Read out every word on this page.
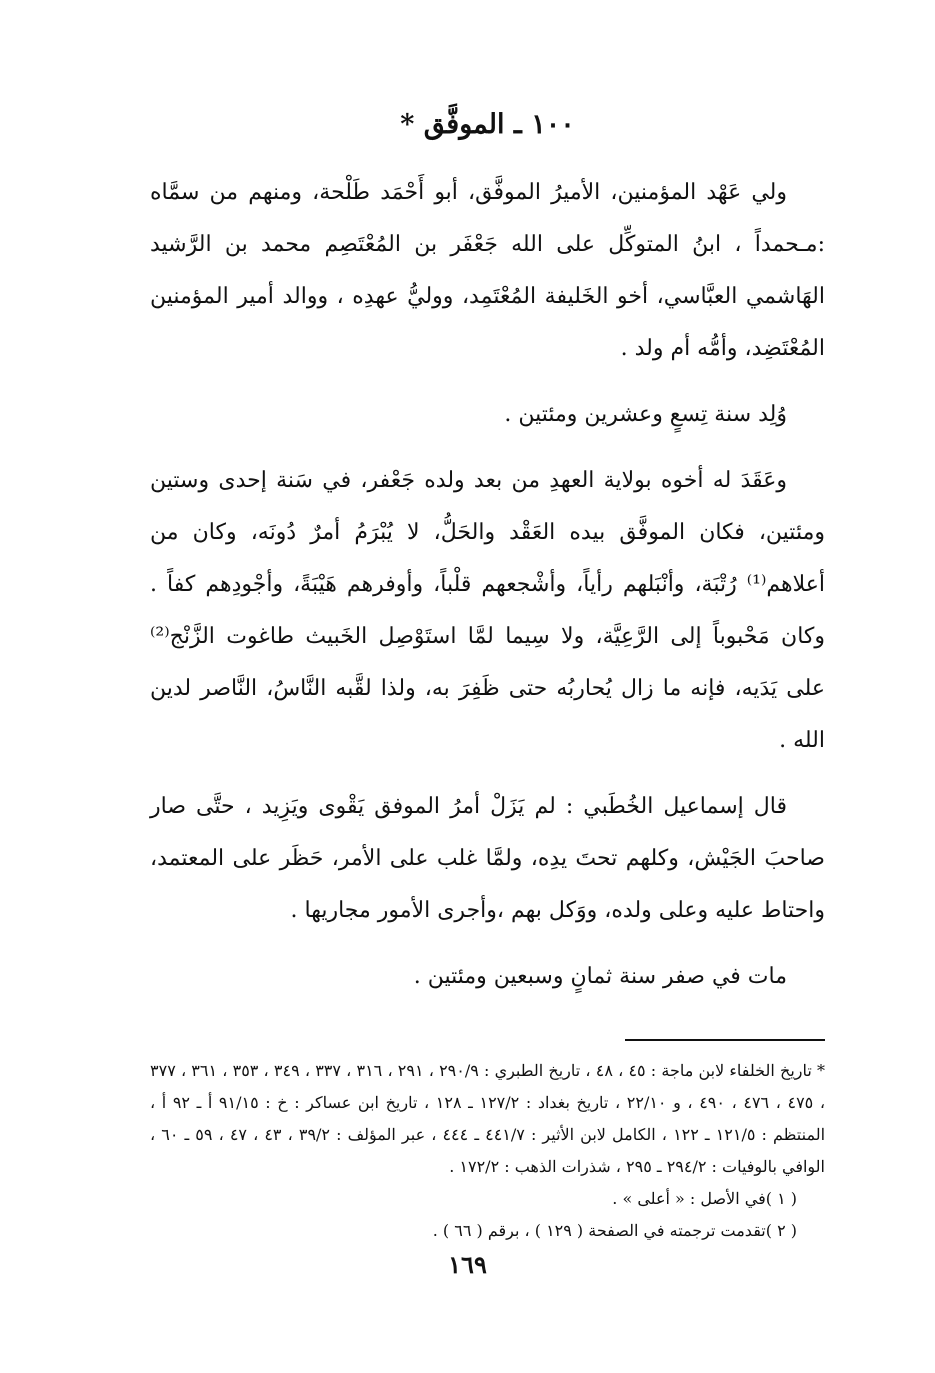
١٠٠ ـ الموفَّق *

ولي عَهْد المؤمنين، الأميرُ الموفَّق، أبو أَحْمَد طَلْحة، ومنهم من سمَّاه :مـحمداً ، ابنُ المتوكِّل على الله جَعْفَر بن المُعْتَصِم محمد بن الرَّشيد الهَاشمي العبَّاسي، أخو الخَليفة المُعْتَمِد، ووليُّ عهدِه ، ووالد أمير المؤمنين المُعْتَضِد، وأمُّه أم ولد .

وُلِد سنة تِسعٍ وعشرين ومئتين .

وعَقَدَ له أخوه بولاية العهدِ من بعد ولده جَعْفر، في سَنة إحدى وستين ومئتين، فكان الموفَّق بيده العَقْد والحَلُّ، لا يُبْرَمُ أمرٌ دُونَه، وكان من أعلاهم⁽¹⁾ رُتْبَة، وأنْبَلهم رأياً، وأشْجعهم قلْباً، وأوفرهم هَيْبَةً، وأجْودِهم كفاً . وكان مَحْبوباً إلى الرَّعِيَّة، ولا سِيما لمَّا استَوْصِل الخَبيث طاغوت الزَّنْج⁽²⁾ على يَدَيه، فإنه ما زال يُحاربُه حتى ظَفِرَ به، ولذا لقَّبه النَّاسُ، النَّاصر لدين الله .

قال إسماعيل الخُطَبي : لم يَزَلْ أمرُ الموفق يَقْوى ويَزِيد ، حتَّى صار صاحبَ الجَيْش، وكلهم تحتَ يدِه، ولمَّا غلب على الأمر، حَظَر على المعتمد، واحتاط عليه وعلى ولده، ووَكل بهم ،وأجرى الأمور مجاريها .

مات في صفر سنة ثمانٍ وسبعين ومئتين .

* تاريخ الخلفاء لابن ماجة : ٤٥ ، ٤٨ ، تاريخ الطبري : ٢٩٠/٩ ، ٢٩١ ، ٣١٦ ، ٣٣٧ ، ٣٤٩ ، ٣٥٣ ، ٣٦١ ، ٣٧٧ ، ٤٧٥ ، ٤٧٦ ، ٤٩٠ ، و ٢٢/١٠ ، تاريخ بغداد : ١٢٧/٢ ـ ١٢٨ ، تاريخ ابن عساكر : خ : ٩١/١٥ أ ـ ٩٢ أ ، المنتظم : ١٢١/٥ ـ ١٢٢ ، الكامل لابن الأثير : ٤٤١/٧ ـ ٤٤٤ ، عبر المؤلف : ٣٩/٢ ، ٤٣ ، ٤٧ ، ٥٩ ـ ٦٠ ، الوافي بالوفيات : ٢٩٤/٢ ـ ٢٩٥ ، شذرات الذهب : ١٧٢/٢ .

( ١ )في الأصل : « أعلى » .

( ٢ )تقدمت ترجمته في الصفحة ( ١٢٩ ) ، برقم ( ٦٦ ) .

١٦٩
